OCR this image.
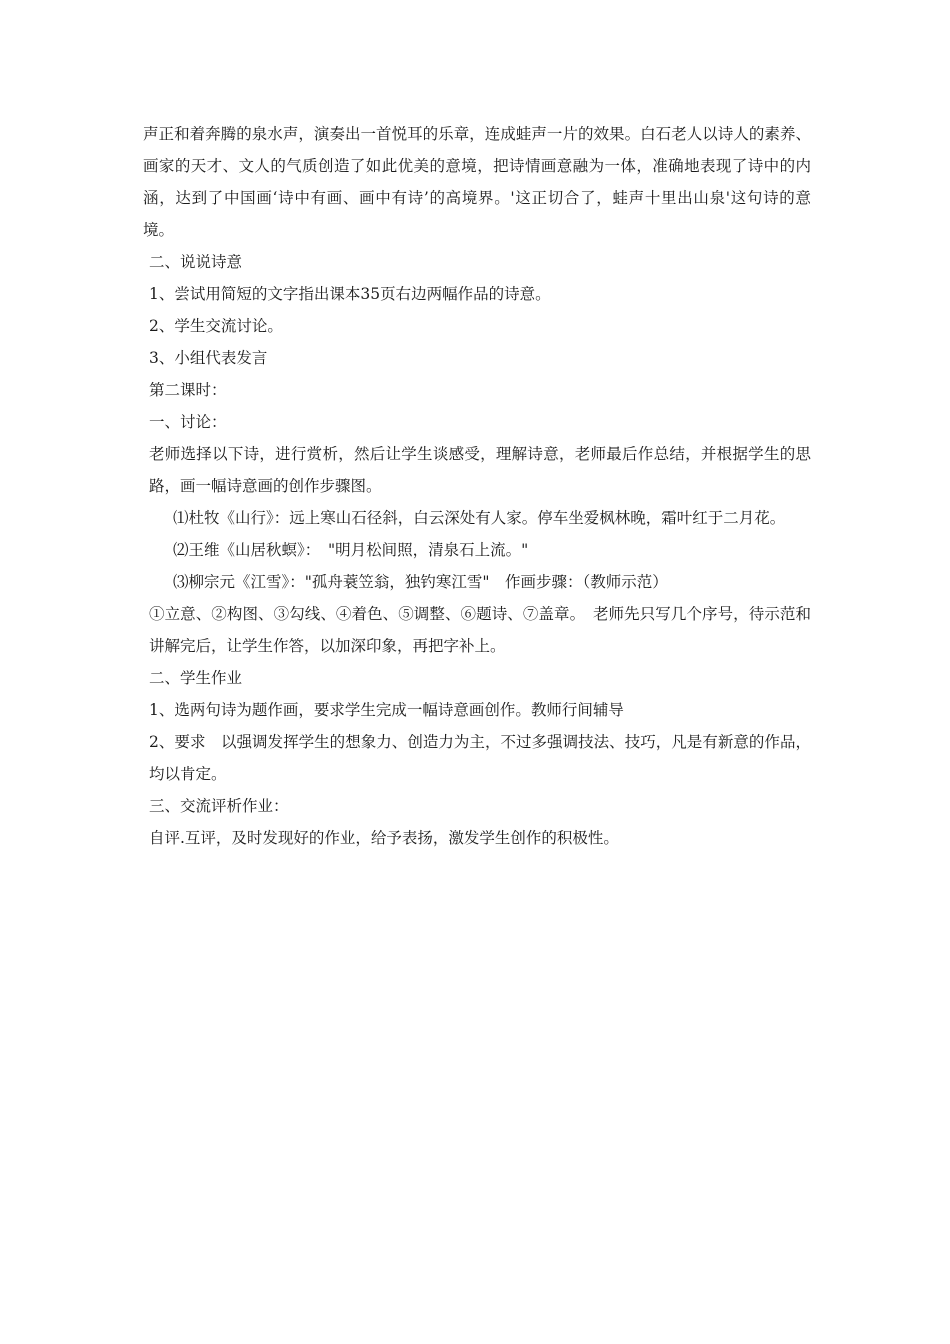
声正和着奔腾的泉水声，演奏出一首悦耳的乐章，连成蛙声一片的效果。白石老人以诗人的素养、画家的天才、文人的气质创造了如此优美的意境，把诗情画意融为一体，准确地表现了诗中的内涵，达到了中国画‘诗中有画、画中有诗’的高境界。'这正切合了，蛙声十里出山泉'这句诗的意境。

二、说说诗意

1、尝试用简短的文字指出课本35页右边两幅作品的诗意。

2、学生交流讨论。

3、小组代表发言

第二课时：

一、讨论：

老师选择以下诗，进行赏析，然后让学生谈感受，理解诗意，老师最后作总结，并根据学生的思路，画一幅诗意画的创作步骤图。

⑴杜牧《山行》：远上寒山石径斜，白云深处有人家。停车坐爱枫林晚，霜叶红于二月花。

⑵王维《山居秋螟》：　"明月松间照，清泉石上流。"

⑶柳宗元《江雪》："孤舟蓑笠翁，独钓寒江雪"　作画步骤：（教师示范）

①立意、②构图、③勾线、④着色、⑤调整、⑥题诗、⑦盖章。　老师先只写几个序号，待示范和讲解完后，让学生作答，以加深印象，再把字补上。

二、学生作业

1、选两句诗为题作画，要求学生完成一幅诗意画创作。教师行间辅导

2、要求　以强调发挥学生的想象力、创造力为主，不过多强调技法、技巧，凡是有新意的作品，均以肯定。

三、交流评析作业：

自评.互评，及时发现好的作业，给予表扬，激发学生创作的积极性。
